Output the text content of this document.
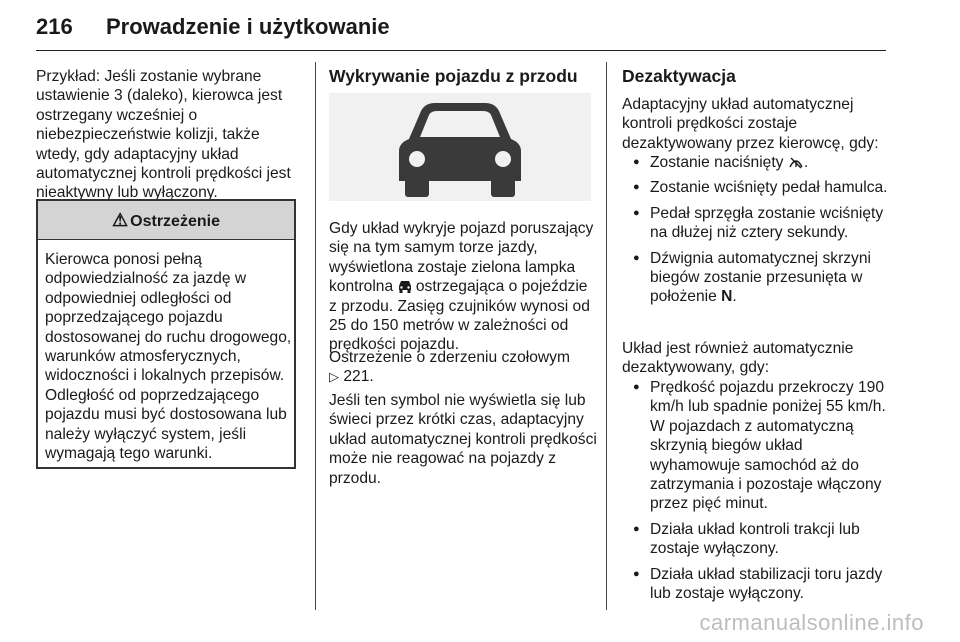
216 Prowadzenie i użytkowanie

Przykład: Jeśli zostanie wybrane ustawienie 3 (daleko), kierowca jest ostrzegany wcześniej o niebezpieczeństwie kolizji, także wtedy, gdy adaptacyjny układ automatycznej kontroli prędkości jest nieaktywny lub wyłączony.

⚠ Ostrzeżenie

Kierowca ponosi pełną odpowiedzialność za jazdę w odpowiedniej odległości od poprzedzającego pojazdu dostosowanej do ruchu drogowego, warunków atmosferycznych, widoczności i lokalnych przepisów. Odległość od poprzedzającego pojazdu musi być dostosowana lub należy wyłączyć system, jeśli wymagają tego warunki.

Wykrywanie pojazdu z przodu

Gdy układ wykryje pojazd poruszający się na tym samym torze jazdy, wyświetlona zostaje zielona lampka kontrolna ostrzegająca o pojeździe z przodu. Zasięg czujników wynosi od 25 do 150 metrów w zależności od prędkości pojazdu.

Ostrzeżenie o zderzeniu czołowym
▷ 221.

Jeśli ten symbol nie wyświetla się lub świeci przez krótki czas, adaptacyjny układ automatycznej kontroli prędkości może nie reagować na pojazdy z przodu.

Dezaktywacja

Adaptacyjny układ automatycznej kontroli prędkości zostaje dezaktywowany przez kierowcę, gdy:

● Zostanie naciśnięty .
● Zostanie wciśnięty pedał hamulca.
● Pedał sprzęgła zostanie wciśnięty na dłużej niż cztery sekundy.
● Dźwignia automatycznej skrzyni biegów zostanie przesunięta w położenie N.

Układ jest również automatycznie dezaktywowany, gdy:

● Prędkość pojazdu przekroczy 190 km/h lub spadnie poniżej 55 km/h. W pojazdach z automatyczną skrzynią biegów układ wyhamowuje samochód aż do zatrzymania i pozostaje włączony przez pięć minut.
● Działa układ kontroli trakcji lub zostaje wyłączony.
● Działa układ stabilizacji toru jazdy lub zostaje wyłączony.
carmanualsonline.info
